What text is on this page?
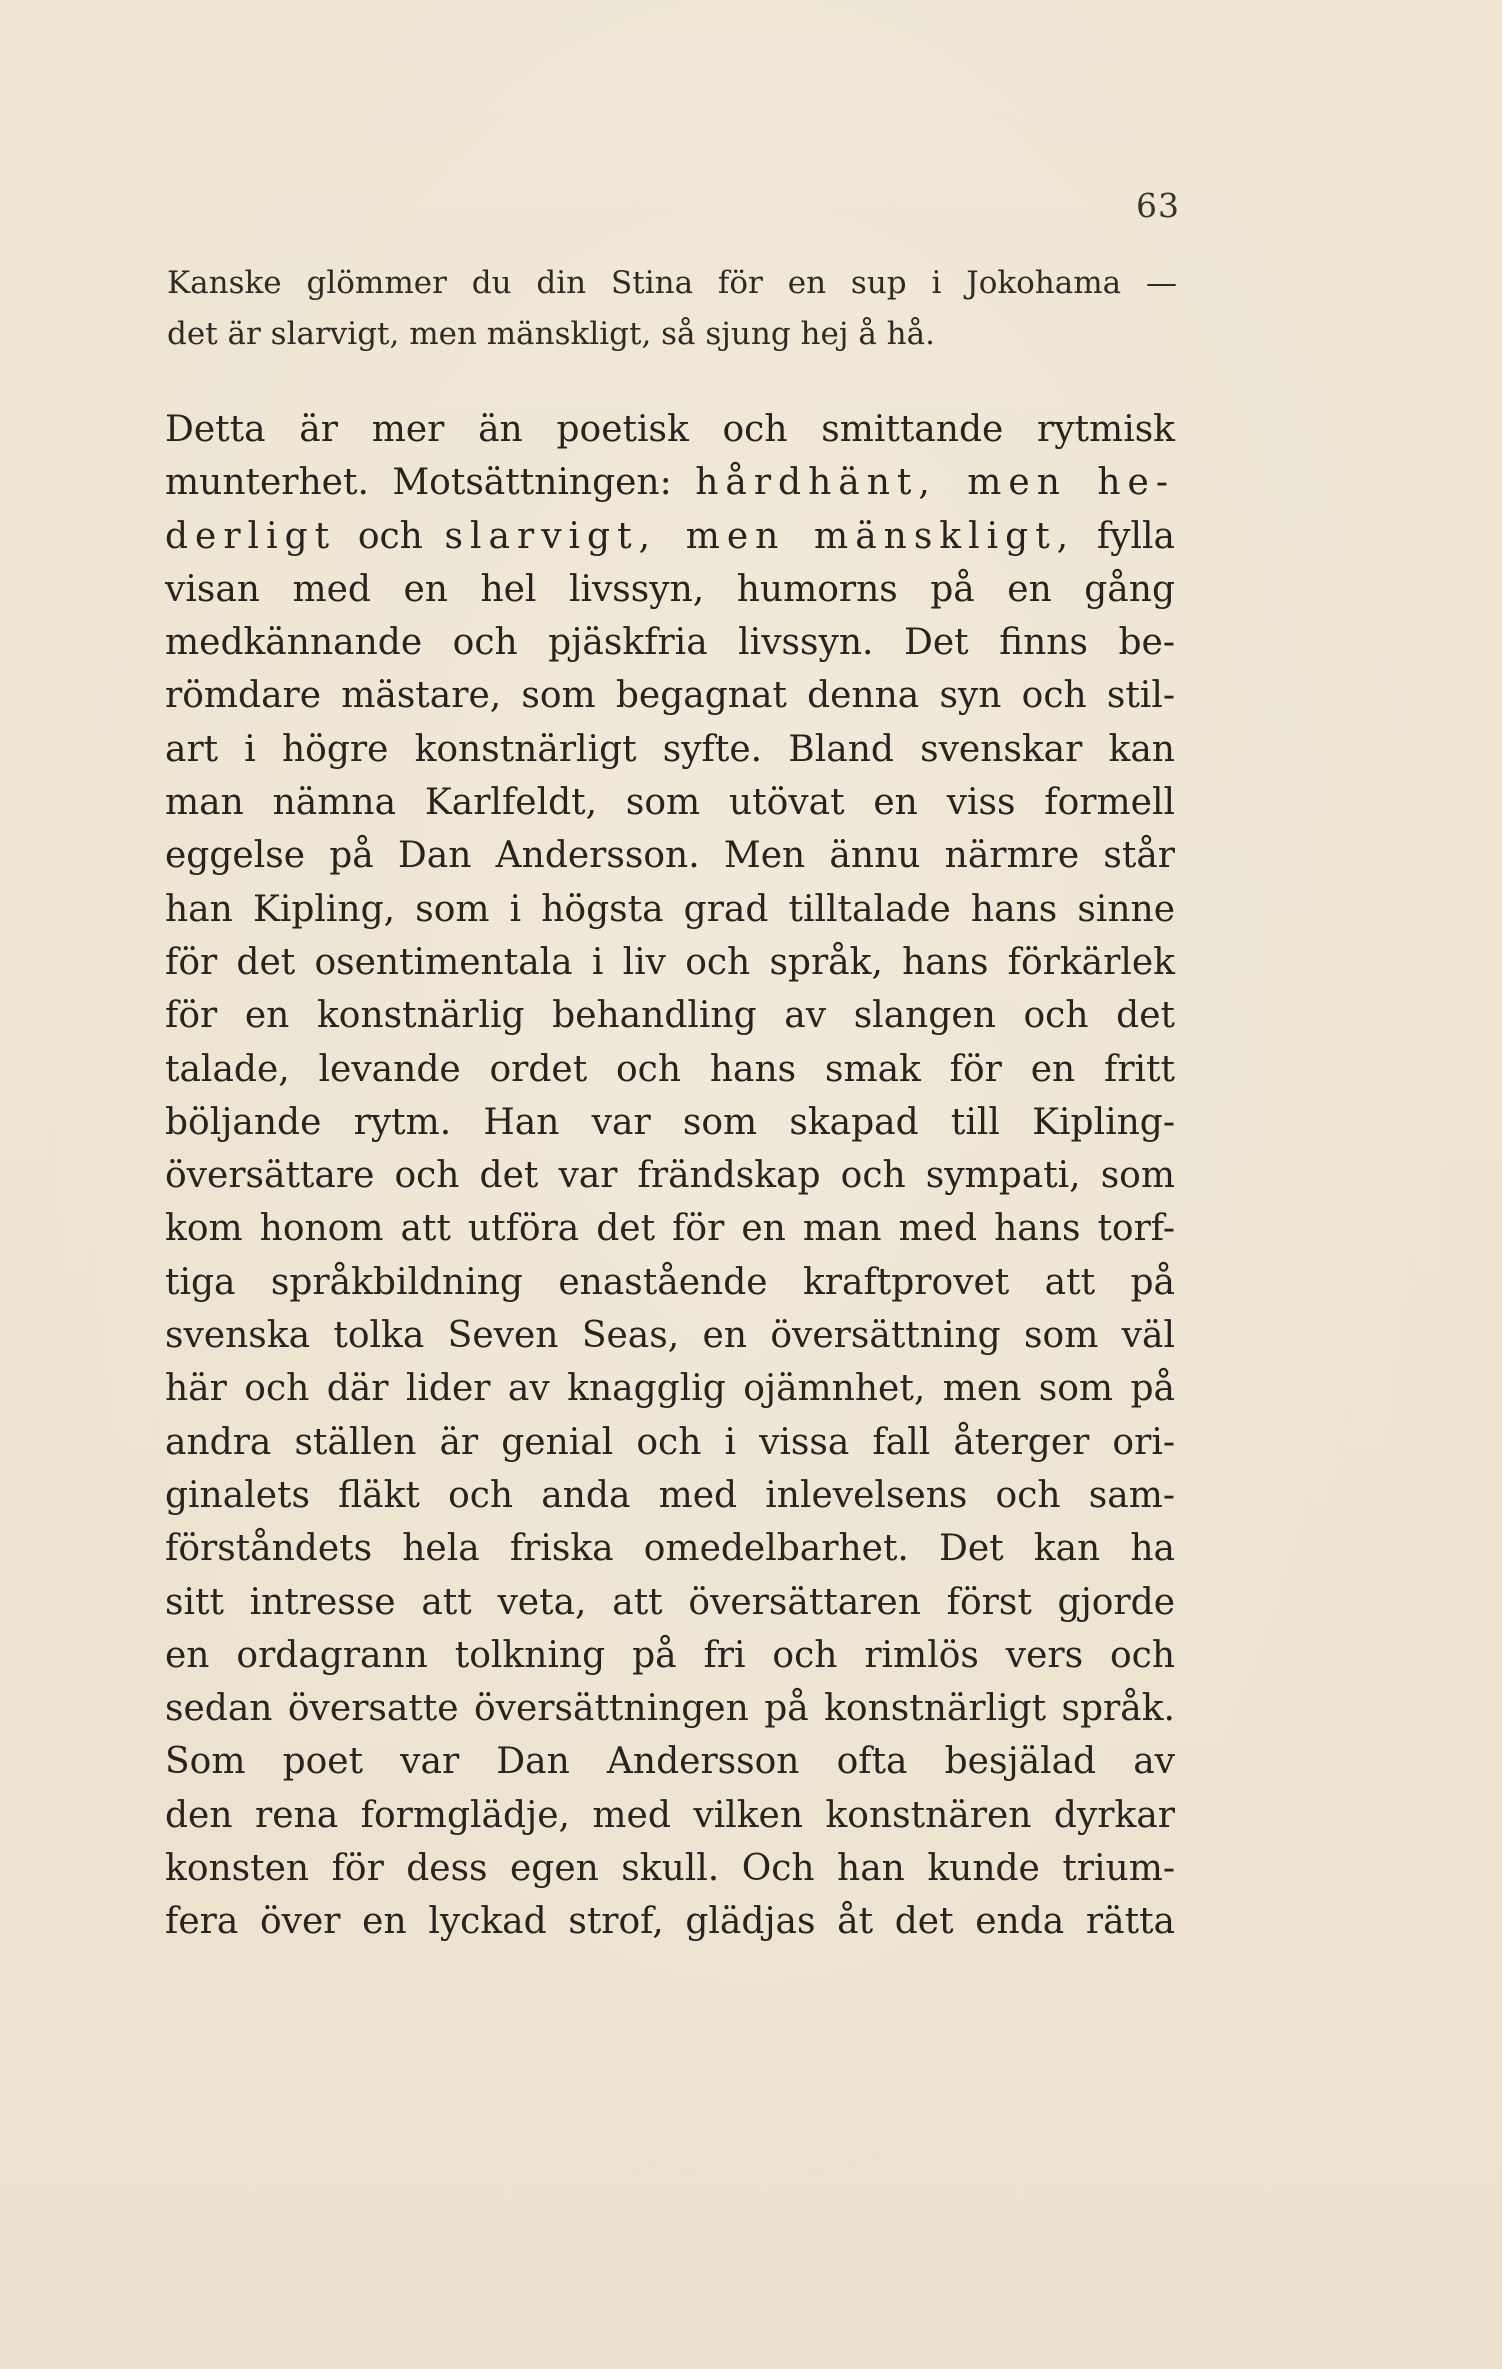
63
Kanske glömmer du din Stina för en sup i Jokohama —
det är slarvigt, men mänskligt, så sjung hej å hå.
Detta är mer än poetisk och smittande rytmisk
munterhet. Motsättningen: hårdhänt, men he-
derligt och slarvigt, men mänskligt, fylla
visan med en hel livssyn, humorns på en gång
medkännande och pjäskfria livssyn. Det finns be-
römdare mästare, som begagnat denna syn och stil-
art i högre konstnärligt syfte. Bland svenskar kan
man nämna Karlfeldt, som utövat en viss formell
eggelse på Dan Andersson. Men ännu närmre står
han Kipling, som i högsta grad tilltalade hans sinne
för det osentimentala i liv och språk, hans förkärlek
för en konstnärlig behandling av slangen och det
talade, levande ordet och hans smak för en fritt
böljande rytm. Han var som skapad till Kipling-
översättare och det var frändskap och sympati, som
kom honom att utföra det för en man med hans torf-
tiga språkbildning enastående kraftprovet att på
svenska tolka Seven Seas, en översättning som väl
här och där lider av knagglig ojämnhet, men som på
andra ställen är genial och i vissa fall återger ori-
ginalets fläkt och anda med inlevelsens och sam-
förståndets hela friska omedelbarhet. Det kan ha
sitt intresse att veta, att översättaren först gjorde
en ordagrann tolkning på fri och rimlös vers och
sedan översatte översättningen på konstnärligt språk.
Som poet var Dan Andersson ofta besjälad av
den rena formglädje, med vilken konstnären dyrkar
konsten för dess egen skull. Och han kunde trium-
fera över en lyckad strof, glädjas åt det enda rätta
